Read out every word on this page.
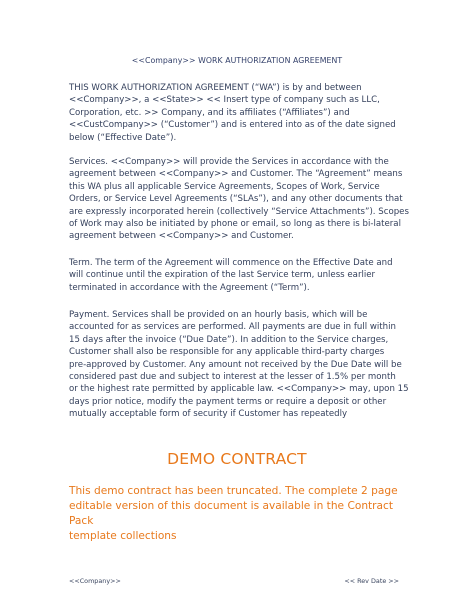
<<Company>> WORK AUTHORIZATION AGREEMENT

THIS WORK AUTHORIZATION AGREEMENT (“WA”) is by and between
<<Company>>, a <<State>> << Insert type of company such as LLC,
Corporation, etc. >> Company, and its affiliates (“Affiliates”) and
<<CustCompany>> (“Customer”) and is entered into as of the date signed
below (“Effective Date”).

Services. <<Company>> will provide the Services in accordance with the
agreement between <<Company>> and Customer. The “Agreement” means
this WA plus all applicable Service Agreements, Scopes of Work, Service
Orders, or Service Level Agreements (“SLAs”), and any other documents that
are expressly incorporated herein (collectively “Service Attachments”). Scopes
of Work may also be initiated by phone or email, so long as there is bi-lateral
agreement between <<Company>> and Customer.

Term. The term of the Agreement will commence on the Effective Date and
will continue until the expiration of the last Service term, unless earlier
terminated in accordance with the Agreement (“Term”).

Payment. Services shall be provided on an hourly basis, which will be
accounted for as services are performed. All payments are due in full within
15 days after the invoice (“Due Date”). In addition to the Service charges,
Customer shall also be responsible for any applicable third-party charges
pre-approved by Customer. Any amount not received by the Due Date will be
considered past due and subject to interest at the lesser of 1.5% per month
or the highest rate permitted by applicable law. <<Company>> may, upon 15
days prior notice, modify the payment terms or require a deposit or other
mutually acceptable form of security if Customer has repeatedly

DEMO CONTRACT
This demo contract has been truncated. The complete 2 page
editable version of this document is available in the Contract Pack
template collections
<<Company>>	<< Rev Date >>
